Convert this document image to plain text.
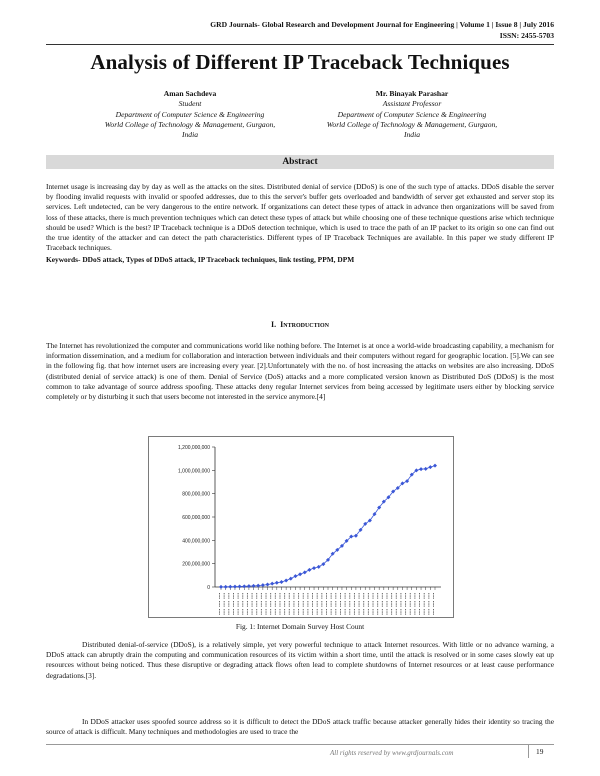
GRD Journals- Global Research and Development Journal for Engineering | Volume 1 | Issue 8 | July 2016
ISSN: 2455-5703
Analysis of Different IP Traceback Techniques
Aman Sachdeva
Student
Department of Computer Science & Engineering
World College of Technology & Management, Gurgaon,
India
Mr. Binayak Parashar
Assistant Professor
Department of Computer Science & Engineering
World College of Technology & Management, Gurgaon,
India
Abstract
Internet usage is increasing day by day as well as the attacks on the sites. Distributed denial of service (DDoS) is one of the such type of attacks. DDoS disable the server by flooding invalid requests with invalid or spoofed addresses, due to this the server's buffer gets overloaded and bandwidth of server get exhausted and server stop its services. Left undetected, can be very dangerous to the entire network. If organizations can detect these types of attack in advance then organizations will be saved from loss of these attacks, there is much prevention techniques which can detect these types of attack but while choosing one of these technique questions arise which technique should be used? Which is the best? IP Traceback technique is a DDoS detection technique, which is used to trace the path of an IP packet to its origin so one can find out the true identity of the attacker and can detect the path characteristics. Different types of IP Traceback Techniques are available. In this paper we study different IP Traceback techniques.
Keywords- DDoS attack, Types of DDoS attack, IP Traceback techniques, link testing, PPM, DPM
I. Introduction
The Internet has revolutionized the computer and communications world like nothing before. The Internet is at once a world-wide broadcasting capability, a mechanism for information dissemination, and a medium for collaboration and interaction between individuals and their computers without regard for geographic location. [5].We can see in the following fig. that how internet users are increasing every year. [2].Unfortunately with the no. of host increasing the attacks on websites are also increasing. DDoS (distributed denial of service attack) is one of them. Denial of Service (DoS) attacks and a more complicated version known as Distributed DoS (DDoS) is the most common to take advantage of source address spoofing. These attacks deny regular Internet services from being accessed by legitimate users either by blocking service completely or by disturbing it such that users become not interested in the service anymore.[4]
0
200,000,000
400,000,000
600,000,000
800,000,000
1,000,000,000
1,200,000,000
Fig. 1: Internet Domain Survey Host Count
Distributed denial-of-service (DDoS), is a relatively simple, yet very powerful technique to attack Internet resources. With little or no advance warning, a DDoS attack can abruptly drain the computing and communication resources of its victim within a short time, until the attack is resolved or in some cases slowly eat up resources without being noticed. Thus these disruptive or degrading attack flows often lead to complete shutdowns of Internet resources or at least cause performance degradations.[3].
In DDoS attacker uses spoofed source address so it is difficult to detect the DDoS attack traffic because attacker generally hides their identity so tracing the source of attack is difficult. Many techniques and methodologies are used to trace the
All rights reserved by www.grdjournals.com	19
